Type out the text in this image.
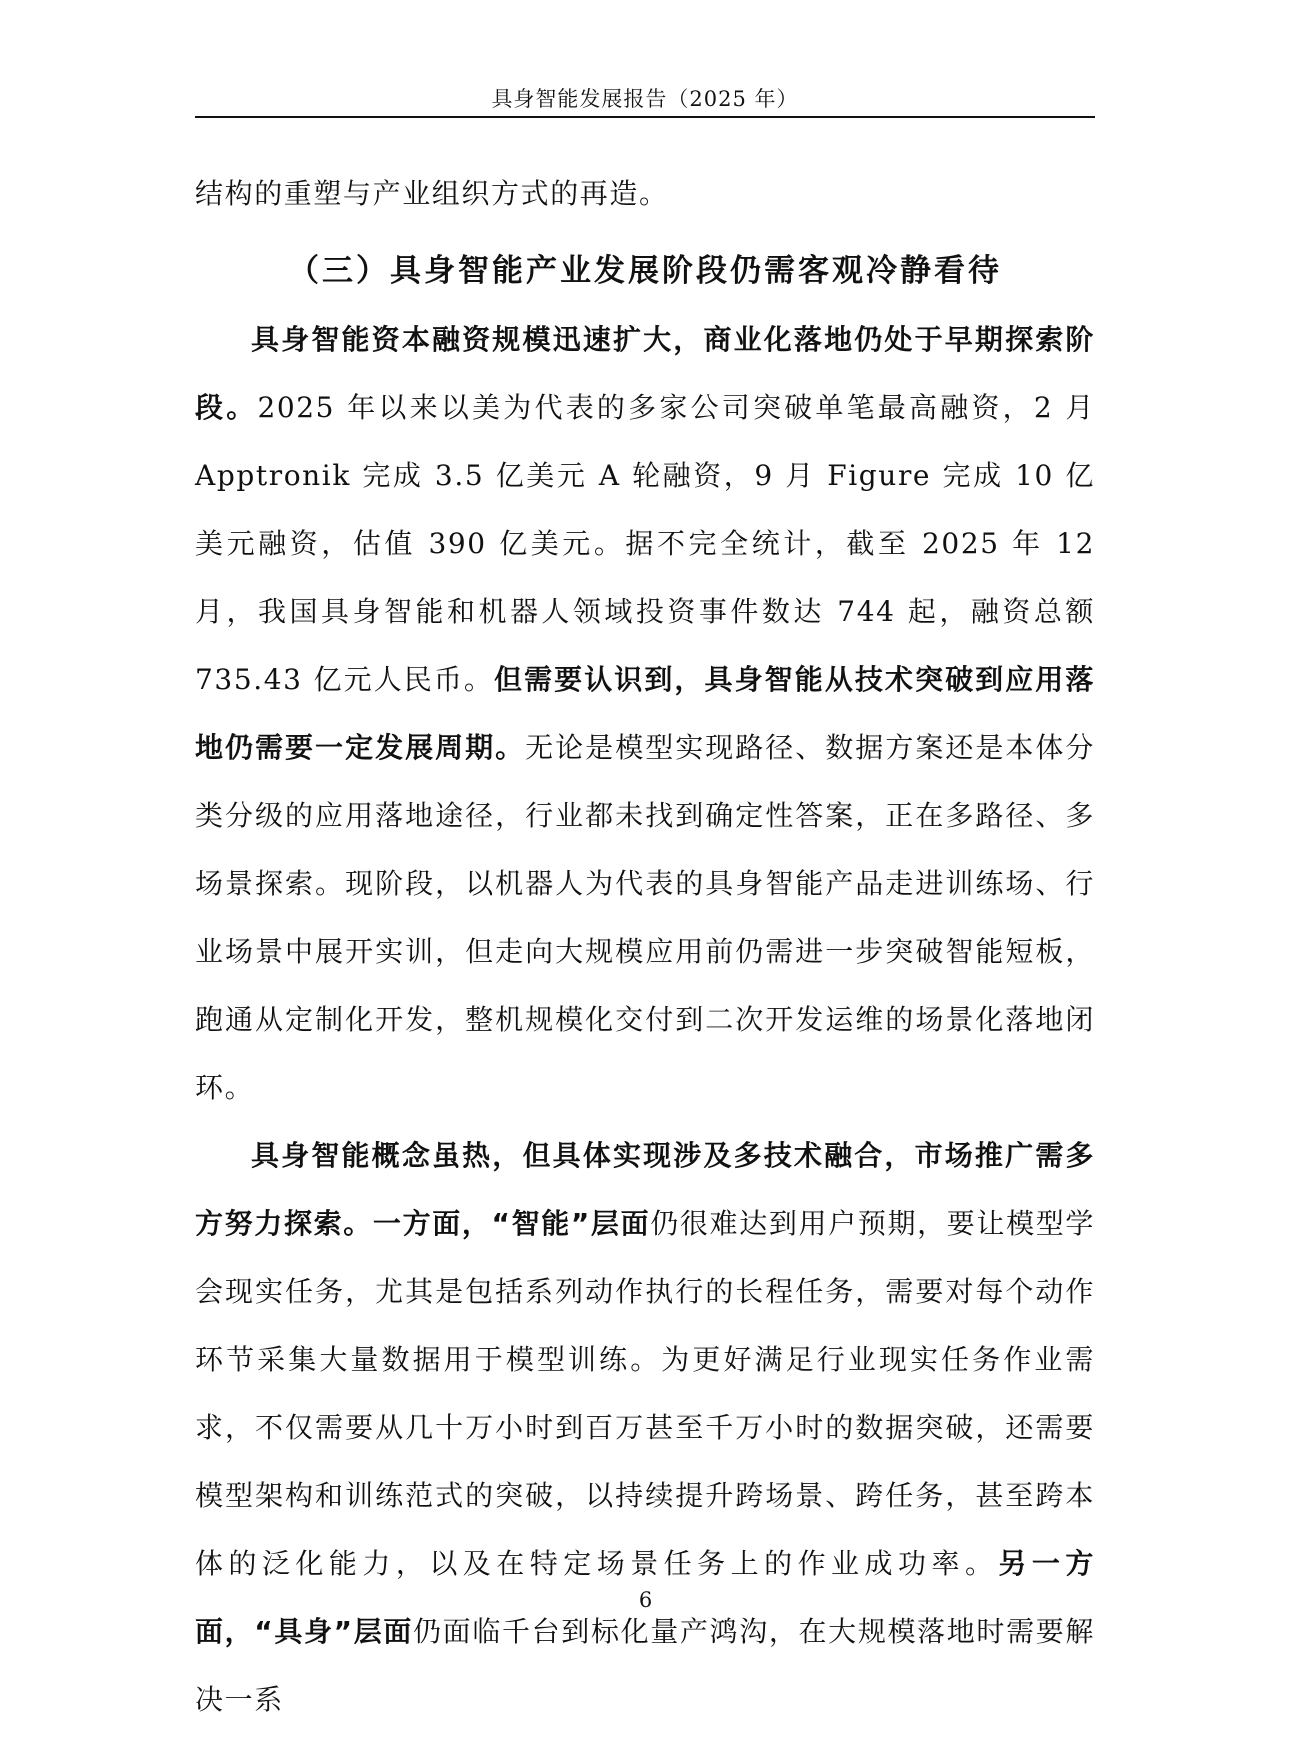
具身智能发展报告（2025 年）

结构的重塑与产业组织方式的再造。

（三）具身智能产业发展阶段仍需客观冷静看待

具身智能资本融资规模迅速扩大，商业化落地仍处于早期探索阶段。2025 年以来以美为代表的多家公司突破单笔最高融资，2 月 Apptronik 完成 3.5 亿美元 A 轮融资，9 月 Figure 完成 10 亿美元融资，估值 390 亿美元。据不完全统计，截至 2025 年 12 月，我国具身智能和机器人领域投资事件数达 744 起，融资总额 735.43 亿元人民币。但需要认识到，具身智能从技术突破到应用落地仍需要一定发展周期。无论是模型实现路径、数据方案还是本体分类分级的应用落地途径，行业都未找到确定性答案，正在多路径、多场景探索。现阶段，以机器人为代表的具身智能产品走进训练场、行业场景中展开实训，但走向大规模应用前仍需进一步突破智能短板，跑通从定制化开发，整机规模化交付到二次开发运维的场景化落地闭环。

具身智能概念虽热，但具体实现涉及多技术融合，市场推广需多方努力探索。一方面，“智能”层面仍很难达到用户预期，要让模型学会现实任务，尤其是包括系列动作执行的长程任务，需要对每个动作环节采集大量数据用于模型训练。为更好满足行业现实任务作业需求，不仅需要从几十万小时到百万甚至千万小时的数据突破，还需要模型架构和训练范式的突破，以持续提升跨场景、跨任务，甚至跨本体的泛化能力，以及在特定场景任务上的作业成功率。另一方面，“具身”层面仍面临千台到标化量产鸿沟，在大规模落地时需要解决一系

6
